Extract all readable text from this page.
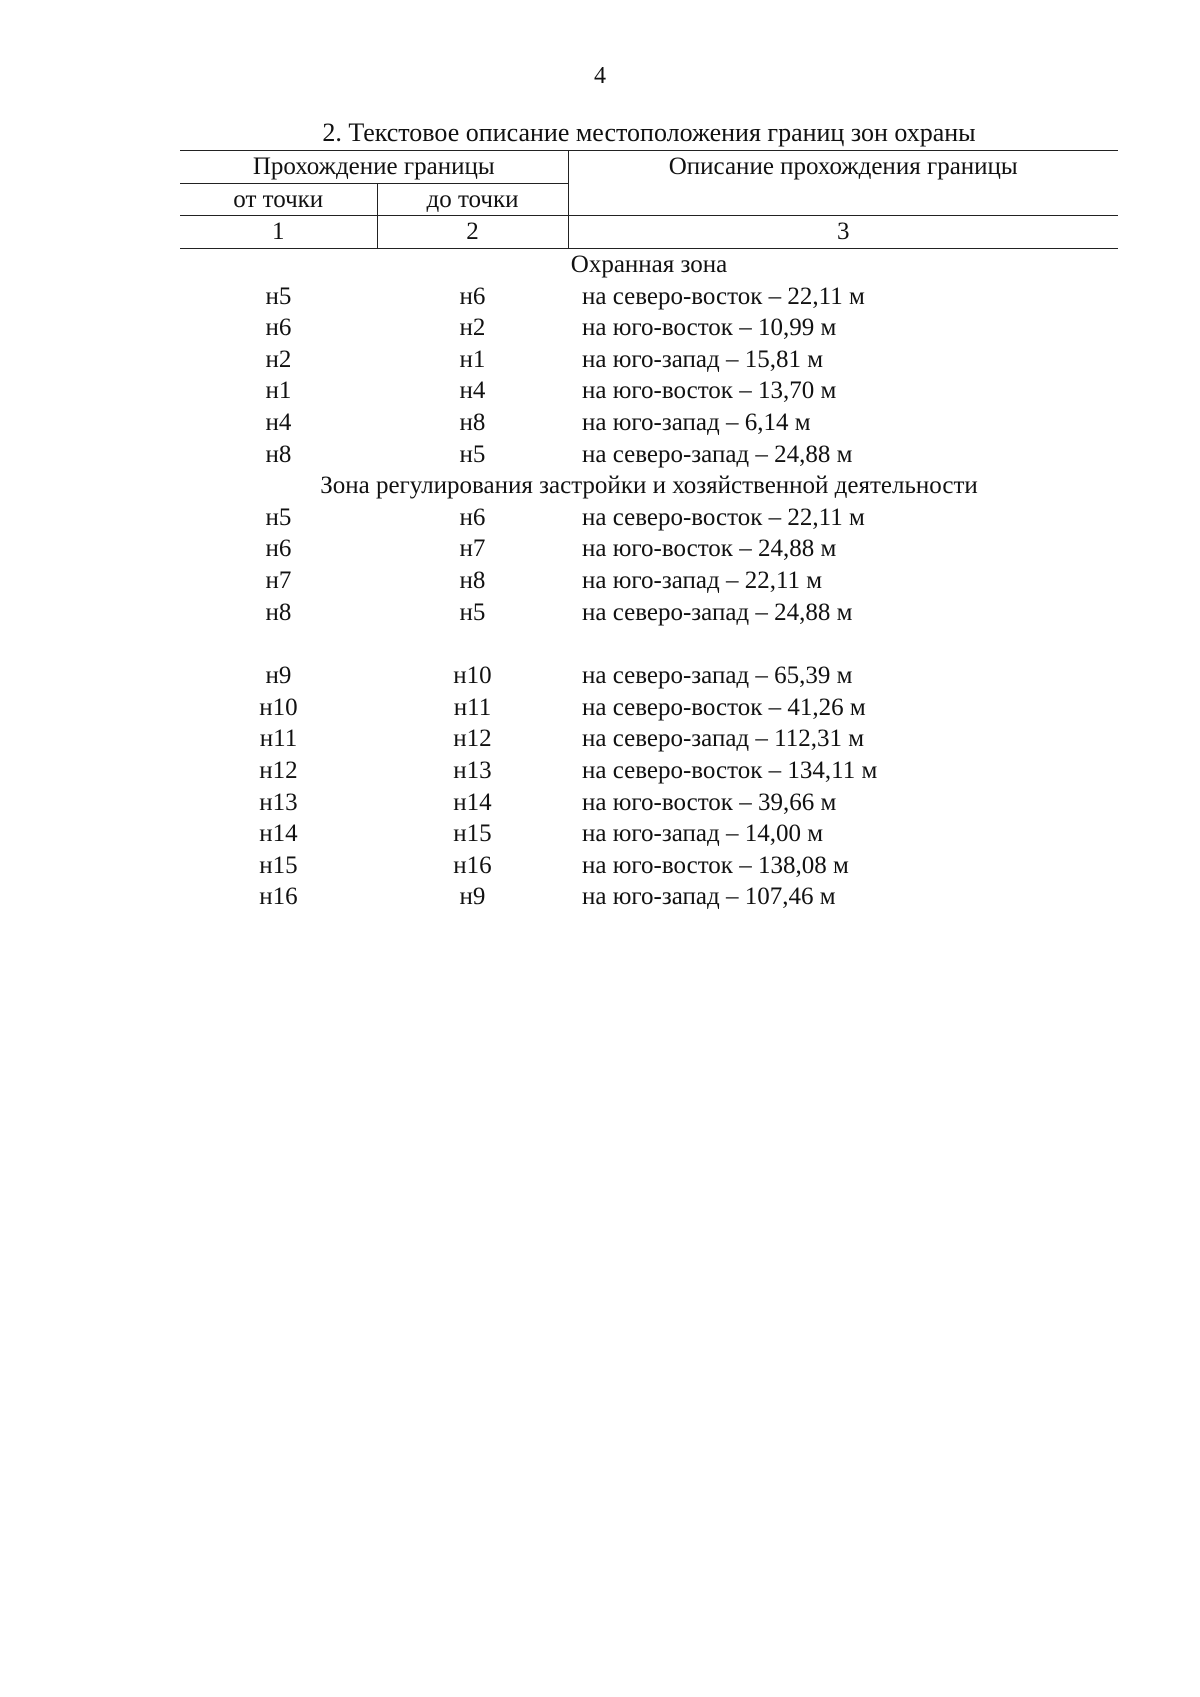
4
2. Текстовое описание местоположения границ зон охраны
Прохождение границы		Описание прохождения границы
от точки	до точки	
1	2	3
Охранная зона		
н5	н6	на северо-восток – 22,11 м
н6	н2	на юго-восток – 10,99 м
н2	н1	на юго-запад – 15,81 м
н1	н4	на юго-восток – 13,70 м
н4	н8	на юго-запад – 6,14 м
н8	н5	на северо-запад – 24,88 м
Зона регулирования застройки и хозяйственной деятельности		
н5	н6	на северо-восток – 22,11 м
н6	н7	на юго-восток – 24,88 м
н7	н8	на юго-запад – 22,11 м
н8	н5	на северо-запад – 24,88 м

н9	н10	на северо-запад – 65,39 м
н10	н11	на северо-восток – 41,26 м
н11	н12	на северо-запад – 112,31 м
н12	н13	на северо-восток – 134,11 м
н13	н14	на юго-восток – 39,66 м
н14	н15	на юго-запад – 14,00 м
н15	н16	на юго-восток – 138,08 м
н16	н9	на юго-запад – 107,46 м
